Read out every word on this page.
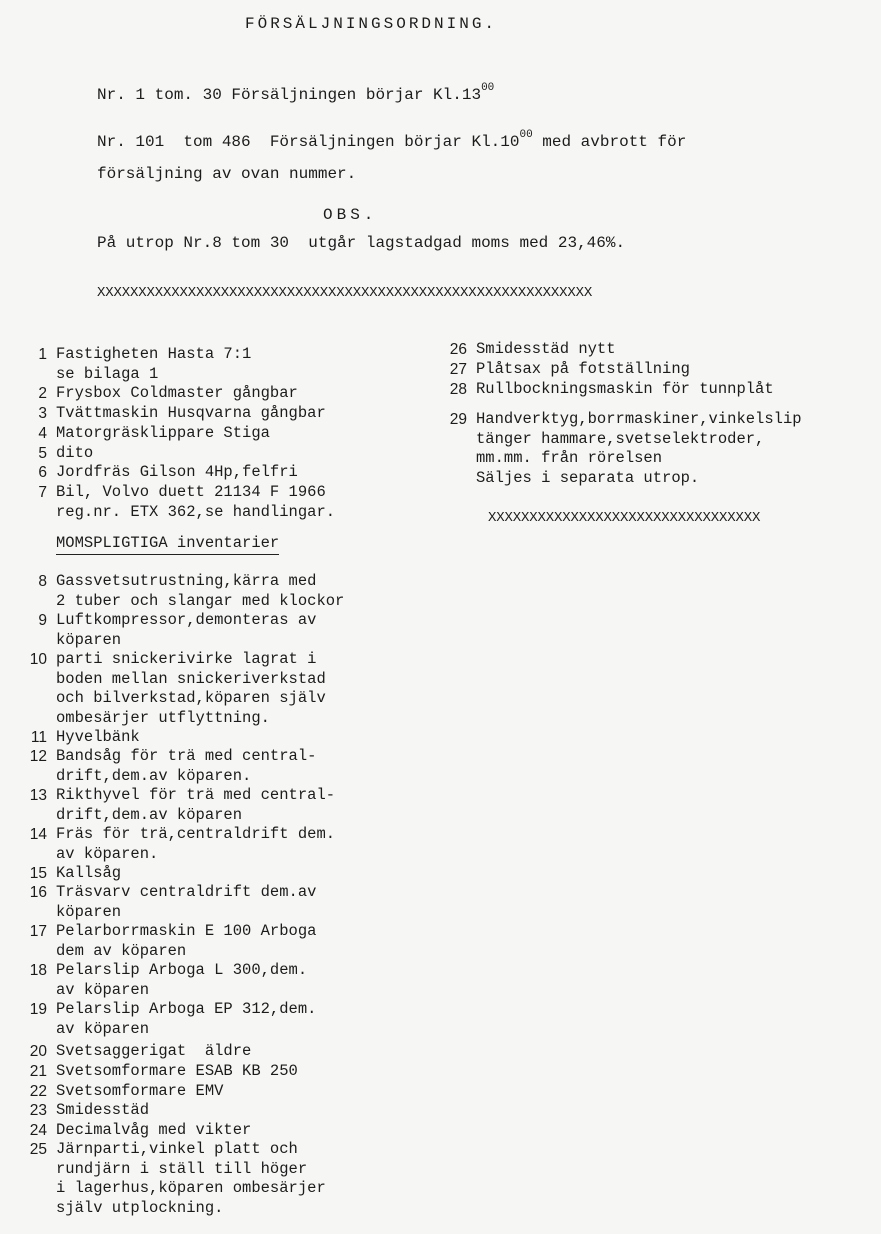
FÖRSÄLJNINGSORDNING.
Nr. 1 tom. 30 Försäljningen börjar $Kl.13^{00}$
Nr. 101  tom 486  Försäljningen börjar $Kl.10^{00}$ med avbrott för
försäljning av ovan nummer.
OBS.
På utrop Nr.8 tom 30  utgår lagstadgad moms med 23,46%.
XXXXXXXXXXXXXXXXXXXXXXXXXXXXXXXXXXXXXXXXXXXXXXXXXXXXXXXXXXXX
1 Fastigheten Hasta 7:1
se bilaga 1
2 Frysbox Coldmaster gångbar
3 Tvättmaskin Husqvarna gångbar
4 Matorgräsklippare Stiga
5 dito
6 Jordfräs Gilson 4Hp,felfri
7 Bil, Volvo duett 21134 F 1966
reg.nr. ETX 362,se handlingar.
MOMSPLIGTIGA inventarier
8 Gassvetsutrustning,kärra med
2 tuber och slangar med klockor
9 Luftkompressor,demonteras av
köparen
10 parti snickerivirke lagrat i
boden mellan snickeriverkstad
och bilverkstad,köparen själv
ombesärjer utflyttning.
11 Hyvelbänk
12 Bandsåg för trä med central-
drift,dem.av köparen.
13 Rikthyvel för trä med central-
drift,dem.av köparen
14 Fräs för trä,centraldrift dem.
av köparen.
15 Kallsåg
16 Träsvarv centraldrift dem.av
köparen
17 Pelarborrmaskin E 100 Arboga
dem av köparen
18 Pelarslip Arboga L 300,dem.
av köparen
19 Pelarslip Arboga EP 312,dem.
av köparen
20 Svetsaggerigat  äldre
21 Svetsomformare ESAB KB 250
22 Svetsomformare EMV
23 Smidesstäd
24 Decimalvåg med vikter
25 Järnparti,vinkel platt och
rundjärn i ställ till höger
i lagerhus,köparen ombesärjer
själv utplockning.
26 Smidesstäd nytt
27 Plåtsax på fotställning
28 Rullbockningsmaskin för tunnplåt
29 Handverktyg,borrmaskiner,vinkelslip
tänger hammare,svetselektroder,
mm.mm. från rörelsen
Säljes i separata utrop.
XXXXXXXXXXXXXXXXXXXXXXXXXXXXXXXXX
